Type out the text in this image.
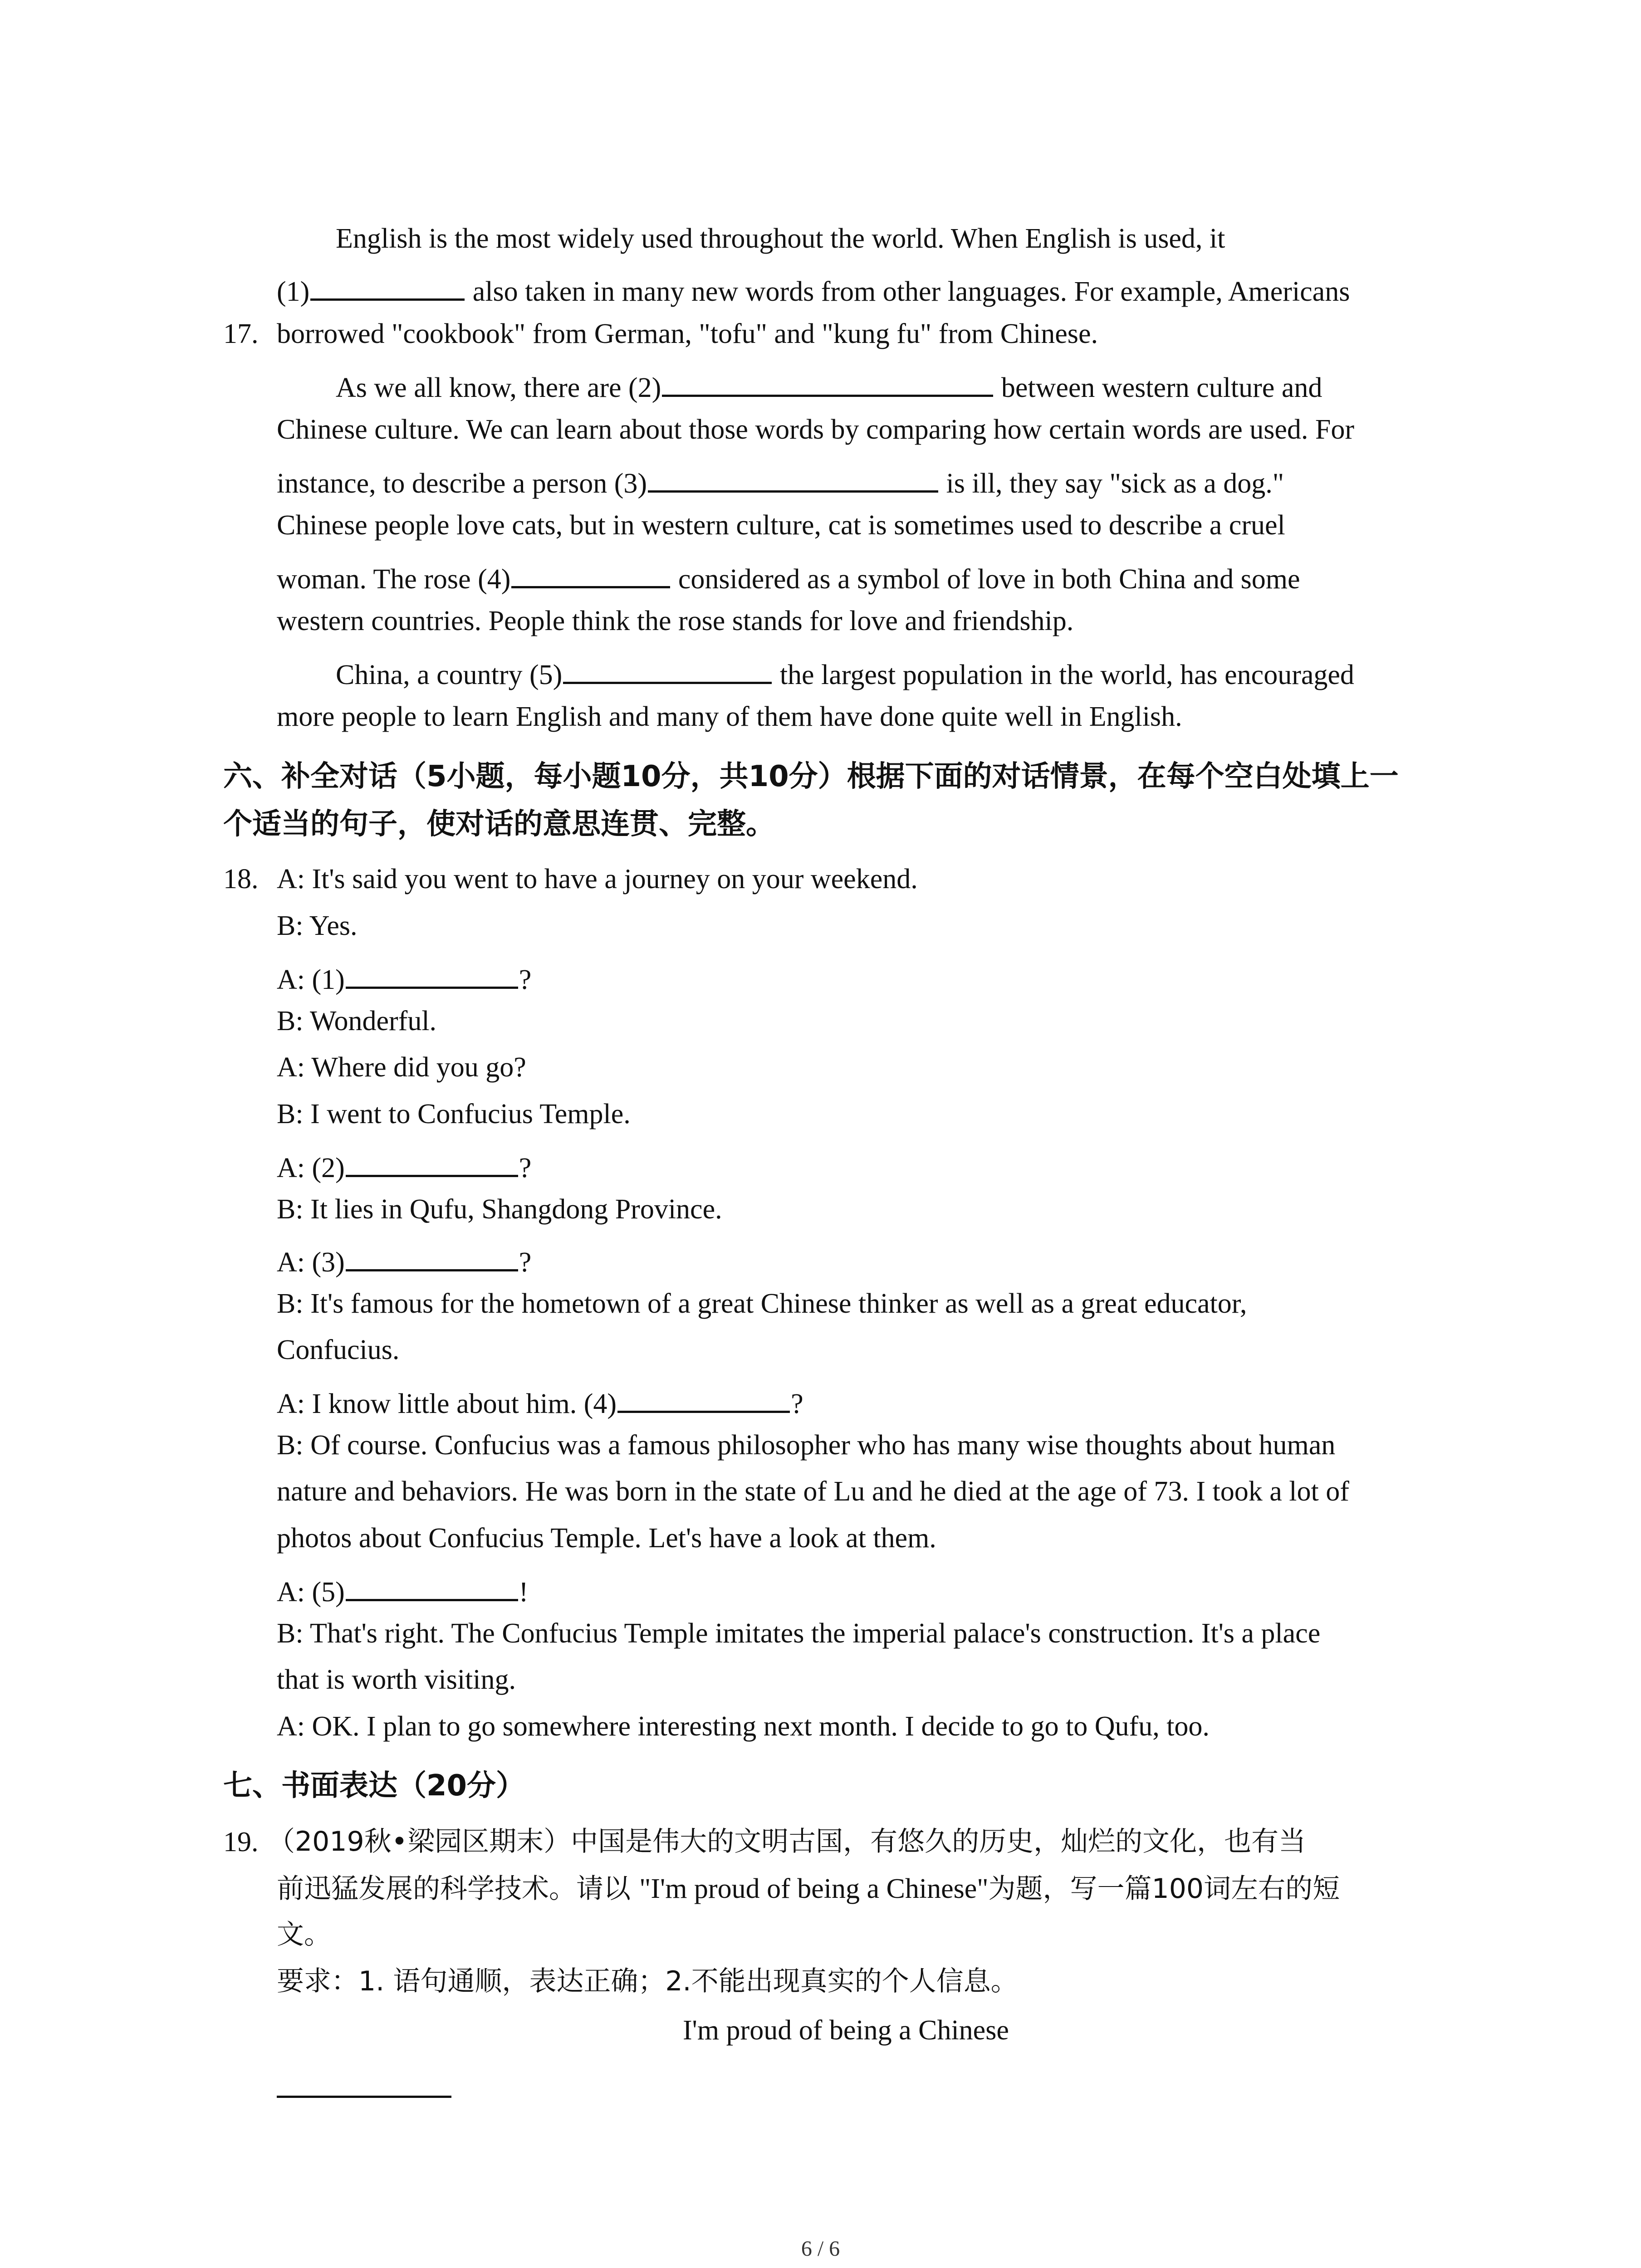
17.
English is the most widely used throughout the world. When English is used, it
(1)	also taken in many new words from other languages. For example, Americans
borrowed "cookbook" from German, "tofu" and "kung fu" from Chinese.
As we all know, there are (2)	between western culture and
Chinese culture. We can learn about those words by comparing how certain words are used. For
instance, to describe a person (3)	is ill, they say "sick as a dog."
Chinese people love cats, but in western culture, cat is sometimes used to describe a cruel
woman. The rose (4)	considered as a symbol of love in both China and some
western countries. People think the rose stands for love and friendship.
China, a country (5)	the largest population in the world, has encouraged
more people to learn English and many of them have done quite well in English.
六、补全对话（5小题，每小题10分，共10分）根据下面的对话情景，在每个空白处填上一
个适当的句子，使对话的意思连贯、完整。
18. A: It's said you went to have a journey on your weekend.
B: Yes.
A: (1)	?
B: Wonderful.
A: Where did you go?
B: I went to Confucius Temple.
A: (2)	?
B: It lies in Qufu, Shangdong Province.
A: (3)	?
B: It's famous for the hometown of a great Chinese thinker as well as a great educator,
Confucius.
A: I know little about him. (4)	?
B: Of course. Confucius was a famous philosopher who has many wise thoughts about human
nature and behaviors. He was born in the state of Lu and he died at the age of 73. I took a lot of
photos about Confucius Temple. Let's have a look at them.
A: (5)	!
B: That's right. The Confucius Temple imitates the imperial palace's construction. It's a place
that is worth visiting.
A: OK. I plan to go somewhere interesting next month. I decide to go to Qufu, too.
七、书面表达（20分）
19. （2019秋•梁园区期末）中国是伟大的文明古国，有悠久的历史，灿烂的文化，也有当
前迅猛发展的科学技术。请以 "I'm proud of being a Chinese"为题，写一篇100词左右的短
文。
要求：1. 语句通顺，表达正确；2.不能出现真实的个人信息。
I'm proud of being a Chinese
6 / 6
